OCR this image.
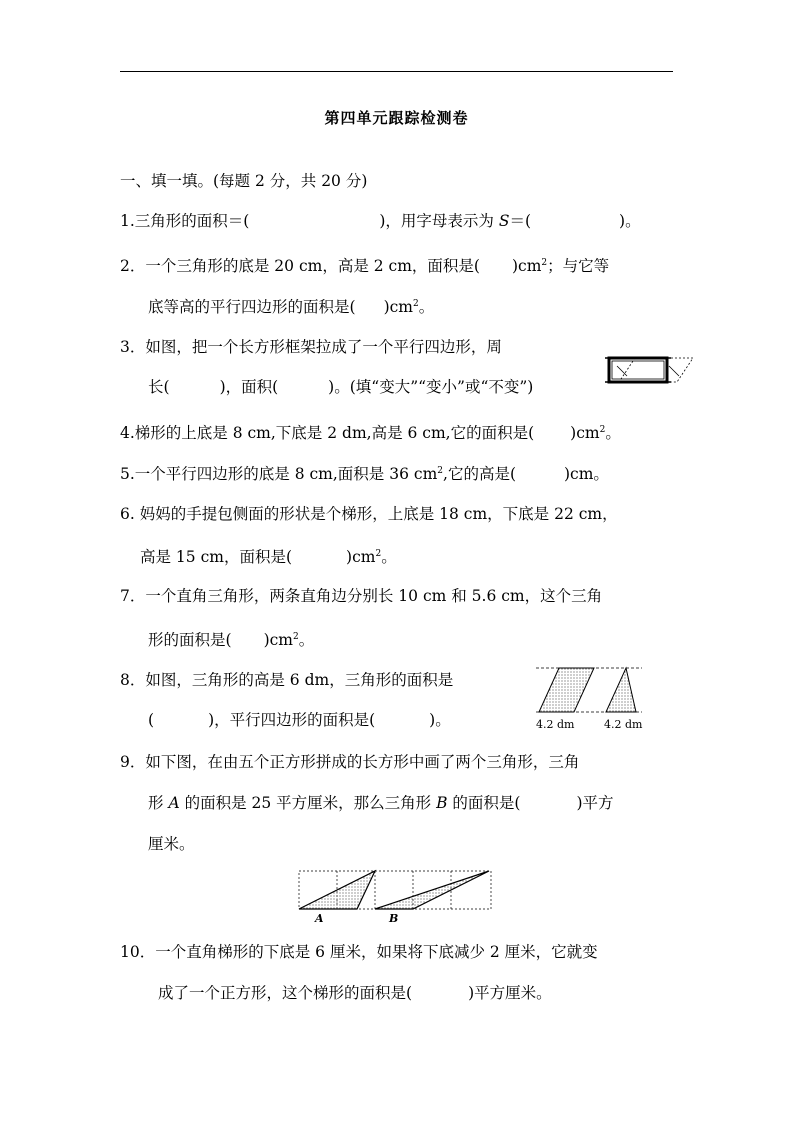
第四单元跟踪检测卷
一、填一填。(每题 2 分，共 20 分)
1.三角形的面积＝(	)，用字母表示为 S＝(	)。
2．一个三角形的底是 20 cm，高是 2 cm，面积是( )$cm^2$；与它等
底等高的平行四边形的面积是( )$cm^2$。
3．如图，把一个长方形框架拉成了一个平行四边形，周
长(	)，面积(	)。(填“变大”“变小”或“不变”)
4.梯形的上底是 8 cm,下底是 2 dm,高是 6 cm,它的面积是( )$cm^2$。
5.一个平行四边形的底是 8 cm,面积是 36 $cm^2$,它的高是(	)cm。
6. 妈妈的手提包侧面的形状是个梯形，上底是 18 cm，下底是 22 cm，
高是 15 cm，面积是(	)$cm^2$。
7．一个直角三角形，两条直角边分别长 10 cm 和 5.6 cm，这个三角
形的面积是( )$cm^2$。
8．如图，三角形的高是 6 dm，三角形的面积是
(	)，平行四边形的面积是(	)。	4.2 dm	4.2 dm
9．如下图，在由五个正方形拼成的长方形中画了两个三角形，三角
形 A 的面积是 25 平方厘米，那么三角形 B 的面积是(	)平方
厘米。
A	B
10．一个直角梯形的下底是 6 厘米，如果将下底减少 2 厘米，它就变
成了一个正方形，这个梯形的面积是(	)平方厘米。
